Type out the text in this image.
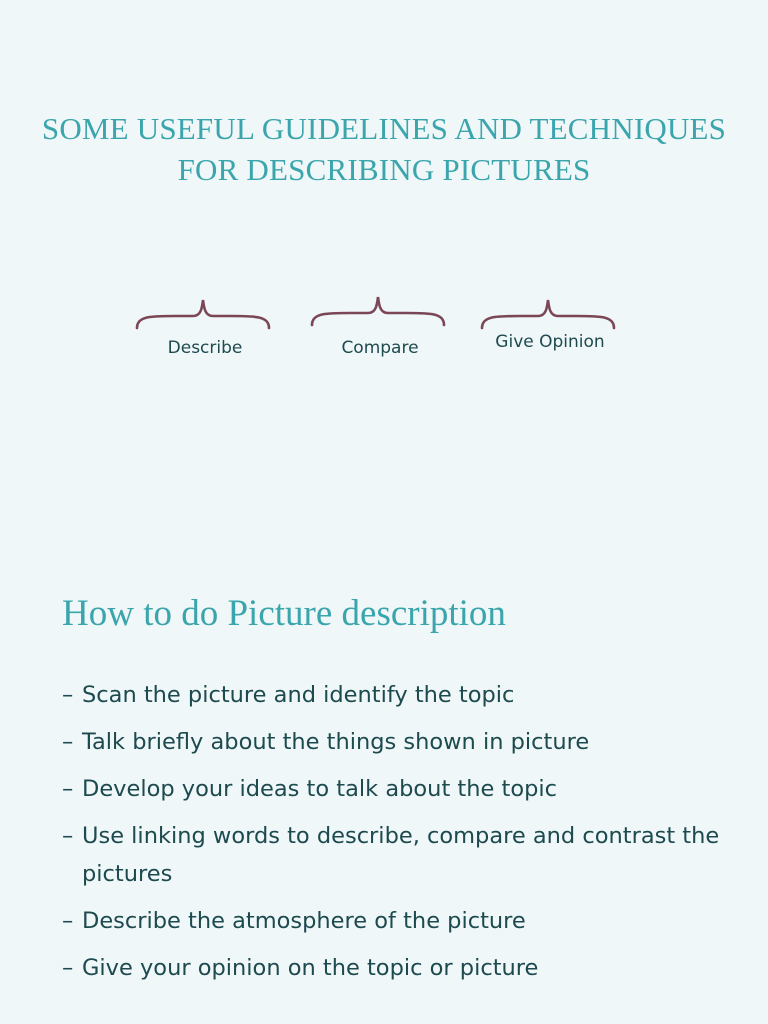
SOME USEFUL GUIDELINES AND TECHNIQUES FOR DESCRIBING PICTURES
Describe	Compare	Give Opinion
How to do Picture description
– Scan the picture and identify the topic
– Talk briefly about the things shown in picture
– Develop your ideas to talk about the topic
– Use linking words to describe, compare and contrast the pictures
– Describe the atmosphere of the picture
– Give your opinion on the topic or picture
